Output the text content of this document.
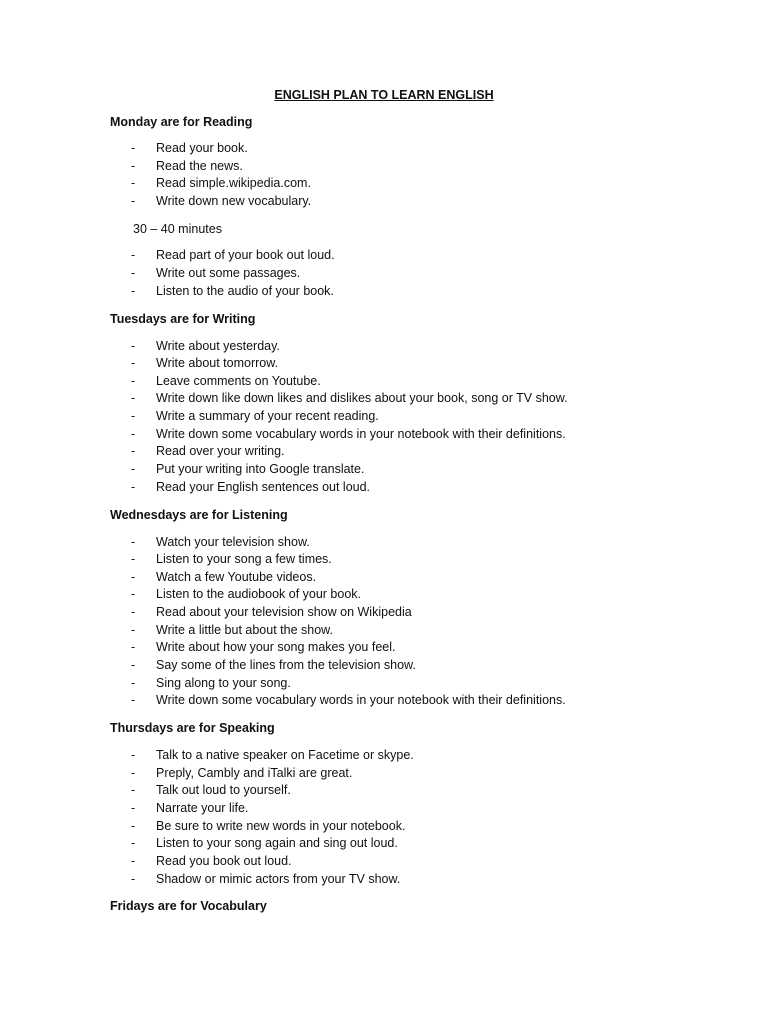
ENGLISH PLAN TO LEARN ENGLISH
Monday are for Reading
- Read your book.
- Read the news.
- Read simple.wikipedia.com.
- Write down new vocabulary.
30 – 40 minutes
- Read part of your book out loud.
- Write out some passages.
- Listen to the audio of your book.
Tuesdays are for Writing
- Write about yesterday.
- Write about tomorrow.
- Leave comments on Youtube.
- Write down like down likes and dislikes about your book, song or TV show.
- Write a summary of your recent reading.
- Write down some vocabulary words in your notebook with their definitions.
- Read over your writing.
- Put your writing into Google translate.
- Read your English sentences out loud.
Wednesdays are for Listening
- Watch your television show.
- Listen to your song a few times.
- Watch a few Youtube videos.
- Listen to the audiobook of your book.
- Read about your television show on Wikipedia
- Write a little but about the show.
- Write about how your song makes you feel.
- Say some of the lines from the television show.
- Sing along to your song.
- Write down some vocabulary words in your notebook with their definitions.
Thursdays are for Speaking
- Talk to a native speaker on Facetime or skype.
- Preply, Cambly and iTalki are great.
- Talk out loud to yourself.
- Narrate your life.
- Be sure to write new words in your notebook.
- Listen to your song again and sing out loud.
- Read you book out loud.
- Shadow or mimic actors from your TV show.
Fridays are for Vocabulary
